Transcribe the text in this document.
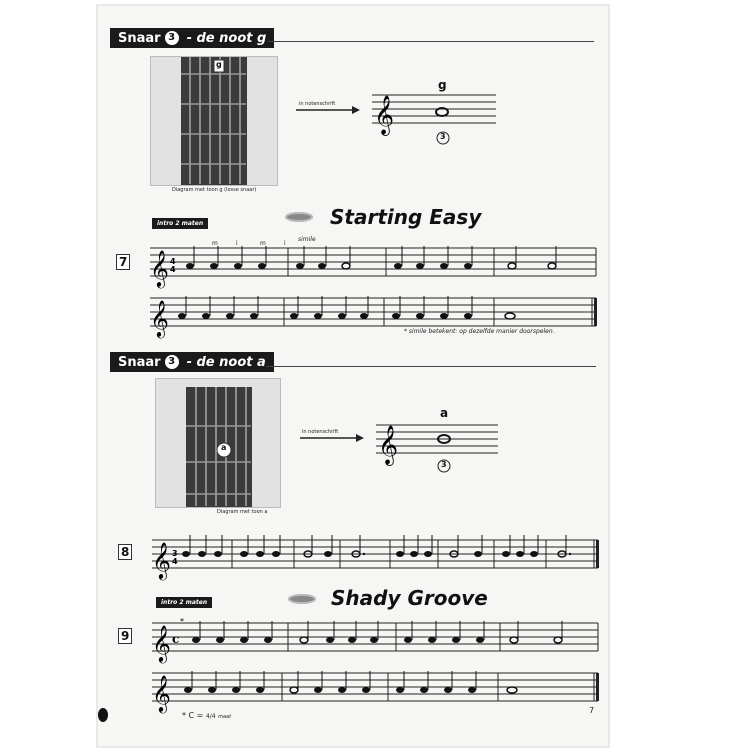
Snaar 3 - de noot g
g
Diagram met toon g (losse snaar)
in notenschrift 𝄞
g
3
intro 2 maten	Starting Easy
7 𝄞 4
4
m	i	m	i
simile
𝄞	* simile betekent: op dezelfde manier doorspelen.
Snaar 3 - de noot a
a
Diagram met toon a
in notenschrift 𝄞
a
3
8 𝄞 3
4
intro 2 maten	Shady Groove
9 𝄞 c
*
𝄞
* C = 4/4 maat
7
